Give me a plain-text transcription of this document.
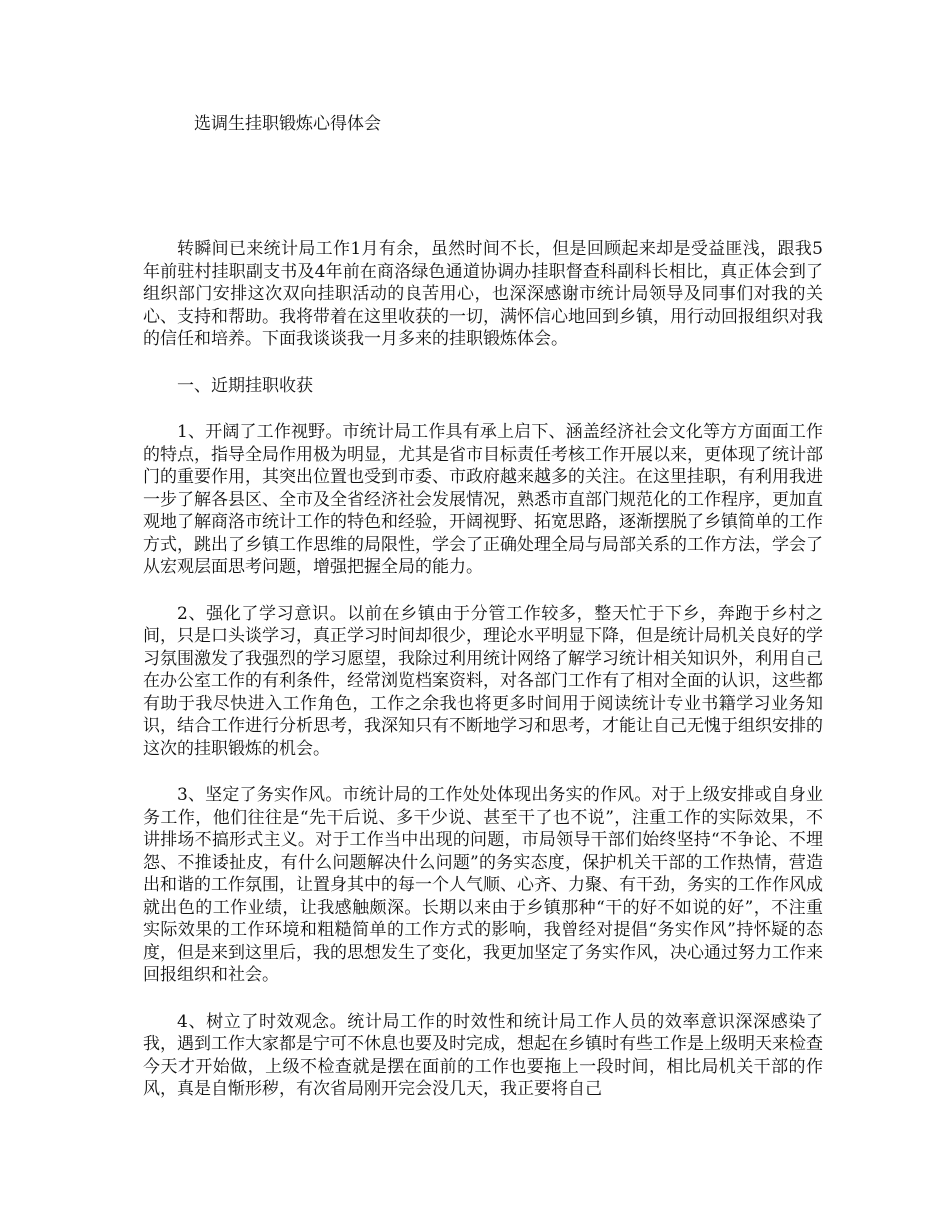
选调生挂职锻炼心得体会

转瞬间已来统计局工作1月有余，虽然时间不长，但是回顾起来却是受益匪浅，跟我5年前驻村挂职副支书及4年前在商洛绿色通道协调办挂职督查科副科长相比，真正体会到了组织部门安排这次双向挂职活动的良苦用心，也深深感谢市统计局领导及同事们对我的关心、支持和帮助。我将带着在这里收获的一切，满怀信心地回到乡镇，用行动回报组织对我的信任和培养。下面我谈谈我一月多来的挂职锻炼体会。

一、近期挂职收获

1、开阔了工作视野。市统计局工作具有承上启下、涵盖经济社会文化等方方面面工作的特点，指导全局作用极为明显，尤其是省市目标责任考核工作开展以来，更体现了统计部门的重要作用，其突出位置也受到市委、市政府越来越多的关注。在这里挂职，有利用我进一步了解各县区、全市及全省经济社会发展情况，熟悉市直部门规范化的工作程序，更加直观地了解商洛市统计工作的特色和经验，开阔视野、拓宽思路，逐渐摆脱了乡镇简单的工作方式，跳出了乡镇工作思维的局限性，学会了正确处理全局与局部关系的工作方法，学会了从宏观层面思考问题，增强把握全局的能力。

2、强化了学习意识。以前在乡镇由于分管工作较多，整天忙于下乡，奔跑于乡村之间，只是口头谈学习，真正学习时间却很少，理论水平明显下降，但是统计局机关良好的学习氛围激发了我强烈的学习愿望，我除过利用统计网络了解学习统计相关知识外，利用自己在办公室工作的有利条件，经常浏览档案资料，对各部门工作有了相对全面的认识，这些都有助于我尽快进入工作角色，工作之余我也将更多时间用于阅读统计专业书籍学习业务知识，结合工作进行分析思考，我深知只有不断地学习和思考，才能让自己无愧于组织安排的这次的挂职锻炼的机会。

3、坚定了务实作风。市统计局的工作处处体现出务实的作风。对于上级安排或自身业务工作，他们往往是“先干后说、多干少说、甚至干了也不说”，注重工作的实际效果，不讲排场不搞形式主义。对于工作当中出现的问题，市局领导干部们始终坚持“不争论、不埋怨、不推诿扯皮，有什么问题解决什么问题”的务实态度，保护机关干部的工作热情，营造出和谐的工作氛围，让置身其中的每一个人气顺、心齐、力聚、有干劲，务实的工作作风成就出色的工作业绩，让我感触颇深。长期以来由于乡镇那种“干的好不如说的好”，不注重实际效果的工作环境和粗糙简单的工作方式的影响，我曾经对提倡“务实作风”持怀疑的态度，但是来到这里后，我的思想发生了变化，我更加坚定了务实作风，决心通过努力工作来回报组织和社会。

4、树立了时效观念。统计局工作的时效性和统计局工作人员的效率意识深深感染了我，遇到工作大家都是宁可不休息也要及时完成，想起在乡镇时有些工作是上级明天来检查今天才开始做，上级不检查就是摆在面前的工作也要拖上一段时间，相比局机关干部的作风，真是自惭形秽，有次省局刚开完会没几天，我正要将自己
